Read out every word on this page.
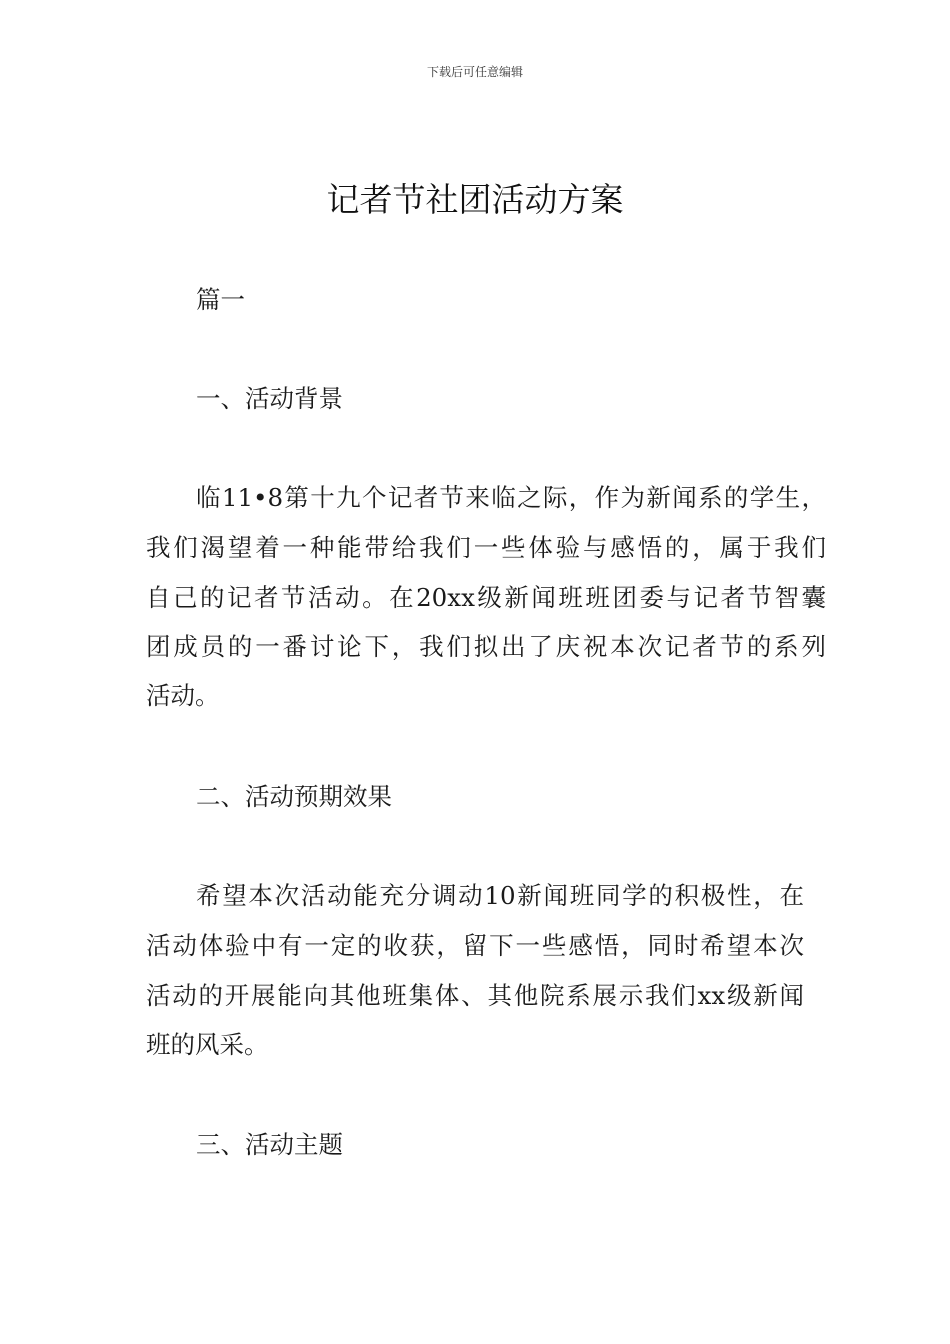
下载后可任意编辑
记者节社团活动方案
篇一
一、活动背景
临11•8第十九个记者节来临之际，作为新闻系的学生，
我们渴望着一种能带给我们一些体验与感悟的，属于我们
自己的记者节活动。在20xx级新闻班班团委与记者节智囊
团成员的一番讨论下，我们拟出了庆祝本次记者节的系列
活动。
二、活动预期效果
希望本次活动能充分调动10新闻班同学的积极性，在
活动体验中有一定的收获，留下一些感悟，同时希望本次
活动的开展能向其他班集体、其他院系展示我们xx级新闻
班的风采。
三、活动主题
